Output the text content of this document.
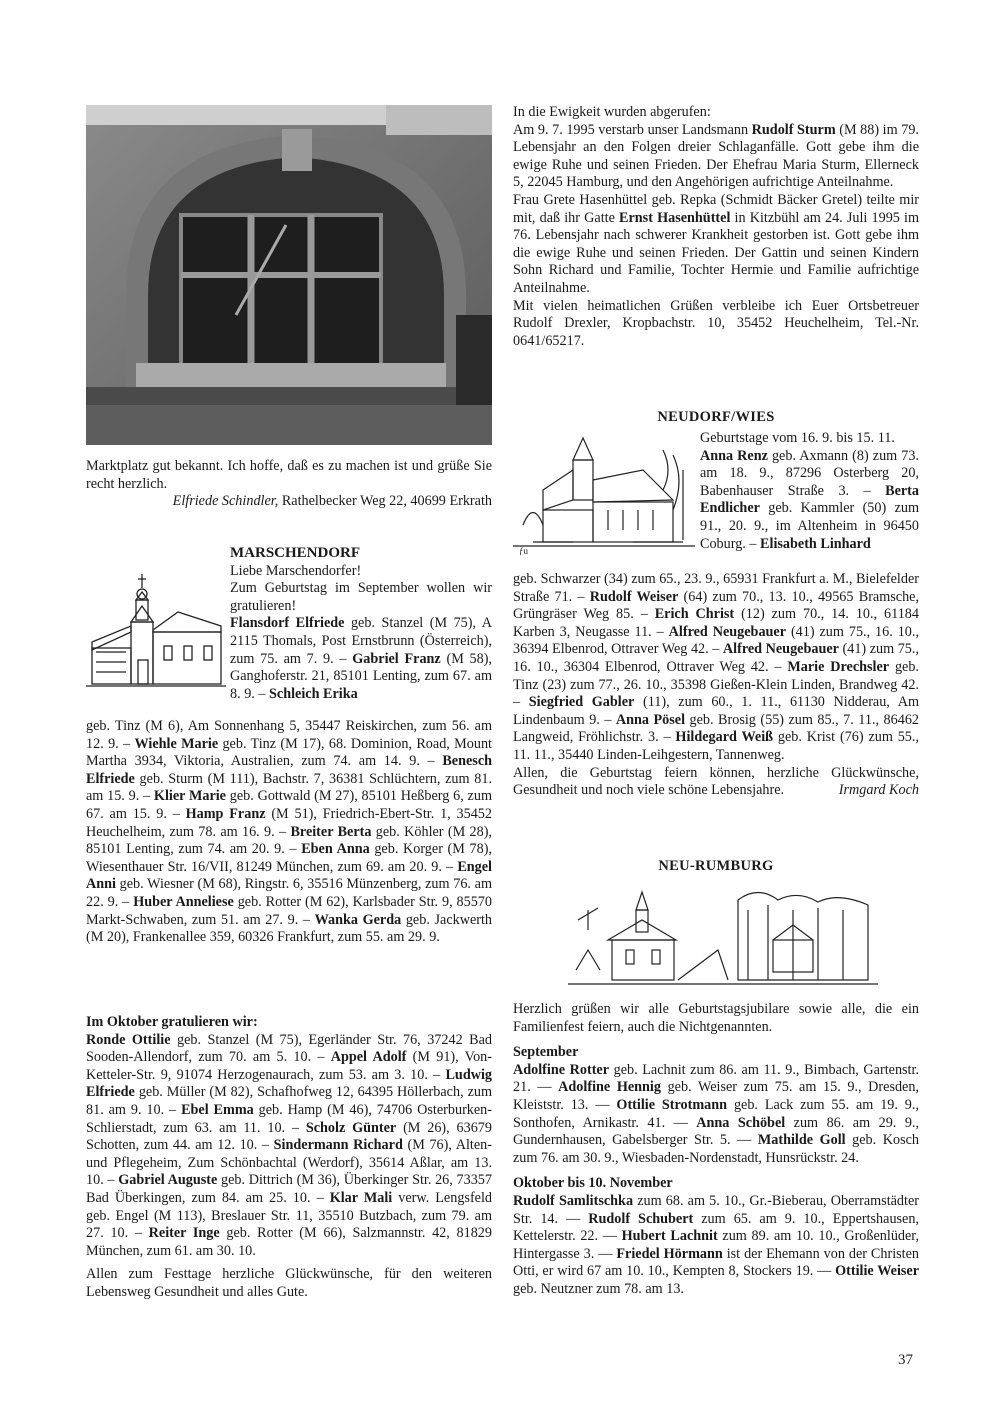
Marktplatz gut bekannt. Ich hoffe, daß es zu machen ist und grüße Sie recht herzlich.

Elfriede Schindler, Rathelbecker Weg 22, 40699 Erkrath

MARSCHENDORF

Liebe Marschendorfer!

Zum Geburtstag im September wollen wir gratulieren!

Flansdorf Elfriede geb. Stanzel (M 75), A 2115 Thomals, Post Ernstbrunn (Österreich), zum 75. am 7. 9. – Gabriel Franz (M 58), Ganghoferstr. 21, 85101 Lenting, zum 67. am 8. 9. – Schleich Erika

geb. Tinz (M 6), Am Sonnenhang 5, 35447 Reiskirchen, zum 56. am 12. 9. – Wiehle Marie geb. Tinz (M 17), 68. Dominion, Road, Mount Martha 3934, Viktoria, Australien, zum 74. am 14. 9. – Benesch Elfriede geb. Sturm (M 111), Bachstr. 7, 36381 Schlüchtern, zum 81. am 15. 9. – Klier Marie geb. Gottwald (M 27), 85101 Heßberg 6, zum 67. am 15. 9. – Hamp Franz (M 51), Friedrich-Ebert-Str. 1, 35452 Heuchelheim, zum 78. am 16. 9. – Breiter Berta geb. Köhler (M 28), 85101 Lenting, zum 74. am 20. 9. – Eben Anna geb. Korger (M 78), Wiesenthauer Str. 16/VII, 81249 München, zum 69. am 20. 9. – Engel Anni geb. Wiesner (M 68), Ringstr. 6, 35516 Münzenberg, zum 76. am 22. 9. – Huber Anneliese geb. Rotter (M 62), Karlsbader Str. 9, 85570 Markt-Schwaben, zum 51. am 27. 9. – Wanka Gerda geb. Jackwerth (M 20), Frankenallee 359, 60326 Frankfurt, zum 55. am 29. 9.

Im Oktober gratulieren wir:

Ronde Ottilie geb. Stanzel (M 75), Egerländer Str. 76, 37242 Bad Sooden-Allendorf, zum 70. am 5. 10. – Appel Adolf (M 91), Von-Ketteler-Str. 9, 91074 Herzogenaurach, zum 53. am 3. 10. – Ludwig Elfriede geb. Müller (M 82), Schafhofweg 12, 64395 Höllerbach, zum 81. am 9. 10. – Ebel Emma geb. Hamp (M 46), 74706 Osterburken-Schlierstadt, zum 63. am 11. 10. – Scholz Günter (M 26), 63679 Schotten, zum 44. am 12. 10. – Sindermann Richard (M 76), Alten- und Pflegeheim, Zum Schönbachtal (Werdorf), 35614 Aßlar, am 13. 10. – Gabriel Auguste geb. Dittrich (M 36), Überkinger Str. 26, 73357 Bad Überkingen, zum 84. am 25. 10. – Klar Mali verw. Lengsfeld geb. Engel (M 113), Breslauer Str. 11, 35510 Butzbach, zum 79. am 27. 10. – Reiter Inge geb. Rotter (M 66), Salzmannstr. 42, 81829 München, zum 61. am 30. 10.

Allen zum Festtage herzliche Glückwünsche, für den weiteren Lebensweg Gesundheit und alles Gute.

In die Ewigkeit wurden abgerufen:

Am 9. 7. 1995 verstarb unser Landsmann Rudolf Sturm (M 88) im 79. Lebensjahr an den Folgen dreier Schlaganfälle. Gott gebe ihm die ewige Ruhe und seinen Frieden. Der Ehefrau Maria Sturm, Ellerneck 5, 22045 Hamburg, und den Angehörigen aufrichtige Anteilnahme.

Frau Grete Hasenhüttel geb. Repka (Schmidt Bäcker Gretel) teilte mir mit, daß ihr Gatte Ernst Hasenhüttel in Kitzbühl am 24. Juli 1995 im 76. Lebensjahr nach schwerer Krankheit gestorben ist. Gott gebe ihm die ewige Ruhe und seinen Frieden. Der Gattin und seinen Kindern Sohn Richard und Familie, Tochter Hermie und Familie aufrichtige Anteilnahme.

Mit vielen heimatlichen Grüßen verbleibe ich Euer Ortsbetreuer Rudolf Drexler, Kropbachstr. 10, 35452 Heuchelheim, Tel.-Nr. 0641/65217.

NEUDORF/WIES
ƒu

Geburtstage vom 16. 9. bis 15. 11.

Anna Renz geb. Axmann (8) zum 73. am 18. 9., 87296 Osterberg 20, Babenhauser Straße 3. – Berta Endlicher geb. Kammler (50) zum 91., 20. 9., im Altenheim in 96450 Coburg. – Elisabeth Linhard

geb. Schwarzer (34) zum 65., 23. 9., 65931 Frankfurt a. M., Bielefelder Straße 71. – Rudolf Weiser (64) zum 70., 13. 10., 49565 Bramsche, Grüngräser Weg 85. – Erich Christ (12) zum 70., 14. 10., 61184 Karben 3, Neugasse 11. – Alfred Neugebauer (41) zum 75., 16. 10., 36394 Elbenrod, Ottraver Weg 42. – Alfred Neugebauer (41) zum 75., 16. 10., 36304 Elbenrod, Ottraver Weg 42. – Marie Drechsler geb. Tinz (23) zum 77., 26. 10., 35398 Gießen-Klein Linden, Brandweg 42. – Siegfried Gabler (11), zum 60., 1. 11., 61130 Nidderau, Am Lindenbaum 9. – Anna Pösel geb. Brosig (55) zum 85., 7. 11., 86462 Langweid, Fröhlichstr. 3. – Hildegard Weiß geb. Krist (76) zum 55., 11. 11., 35440 Linden-Leihgestern, Tannenweg.

Allen, die Geburtstag feiern können, herzliche Glückwünsche, Gesundheit und noch viele schöne Lebensjahre.	Irmgard Koch

NEU-RUMBURG

Herzlich grüßen wir alle Geburtstagsjubilare sowie alle, die ein Familienfest feiern, auch die Nichtgenannten.

September

Adolfine Rotter geb. Lachnit zum 86. am 11. 9., Bimbach, Gartenstr. 21. — Adolfine Hennig geb. Weiser zum 75. am 15. 9., Dresden, Kleiststr. 13. — Ottilie Strotmann geb. Lack zum 55. am 19. 9., Sonthofen, Arnikastr. 41. — Anna Schöbel zum 86. am 29. 9., Gundernhausen, Gabelsberger Str. 5. — Mathilde Goll geb. Kosch zum 76. am 30. 9., Wiesbaden-Nordenstadt, Hunsrückstr. 24.

Oktober bis 10. November

Rudolf Samlitschka zum 68. am 5. 10., Gr.-Bieberau, Oberramstädter Str. 14. — Rudolf Schubert zum 65. am 9. 10., Eppertshausen, Kettelerstr. 22. — Hubert Lachnit zum 89. am 10. 10., Großenlüder, Hintergasse 3. — Friedel Hörmann ist der Ehemann von der Christen Otti, er wird 67 am 10. 10., Kempten 8, Stockers 19. — Ottilie Weiser geb. Neutzner zum 78. am 13.

37
